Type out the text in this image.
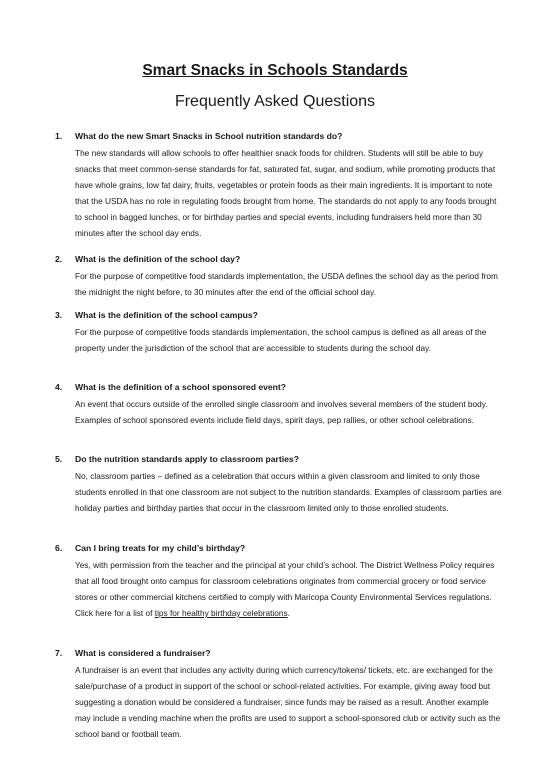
Smart Snacks in Schools Standards
Frequently Asked Questions
1. What do the new Smart Snacks in School nutrition standards do?
The new standards will allow schools to offer healthier snack foods for children. Students will still be able to buy snacks that meet common-sense standards for fat, saturated fat, sugar, and sodium, while promoting products that have whole grains, low fat dairy, fruits, vegetables or protein foods as their main ingredients. It is important to note that the USDA has no role in regulating foods brought from home. The standards do not apply to any foods brought to school in bagged lunches, or for birthday parties and special events, including fundraisers held more than 30 minutes after the school day ends.
2. What is the definition of the school day?
For the purpose of competitive food standards implementation, the USDA defines the school day as the period from the midnight the night before, to 30 minutes after the end of the official school day.
3. What is the definition of the school campus?
For the purpose of competitive foods standards implementation, the school campus is defined as all areas of the property under the jurisdiction of the school that are accessible to students during the school day.
4. What is the definition of a school sponsored event?
An event that occurs outside of the enrolled single classroom and involves several members of the student body. Examples of school sponsored events include field days, spirit days, pep rallies, or other school celebrations.
5. Do the nutrition standards apply to classroom parties?
No, classroom parties – defined as a celebration that occurs within a given classroom and limited to only those students enrolled in that one classroom are not subject to the nutrition standards. Examples of classroom parties are holiday parties and birthday parties that occur in the classroom limited only to those enrolled students.
6. Can I bring treats for my child’s birthday?
Yes, with permission from the teacher and the principal at your child’s school. The District Wellness Policy requires that all food brought onto campus for classroom celebrations originates from commercial grocery or food service stores or other commercial kitchens certified to comply with Maricopa County Environmental Services regulations. Click here for a list of tips for healthy birthday celebrations.
7. What is considered a fundraiser?
A fundraiser is an event that includes any activity during which currency/tokens/ tickets, etc. are exchanged for the sale/purchase of a product in support of the school or school-related activities. For example, giving away food but suggesting a donation would be considered a fundraiser, since funds may be raised as a result. Another example may include a vending machine when the profits are used to support a school-sponsored club or activity such as the school band or football team.
